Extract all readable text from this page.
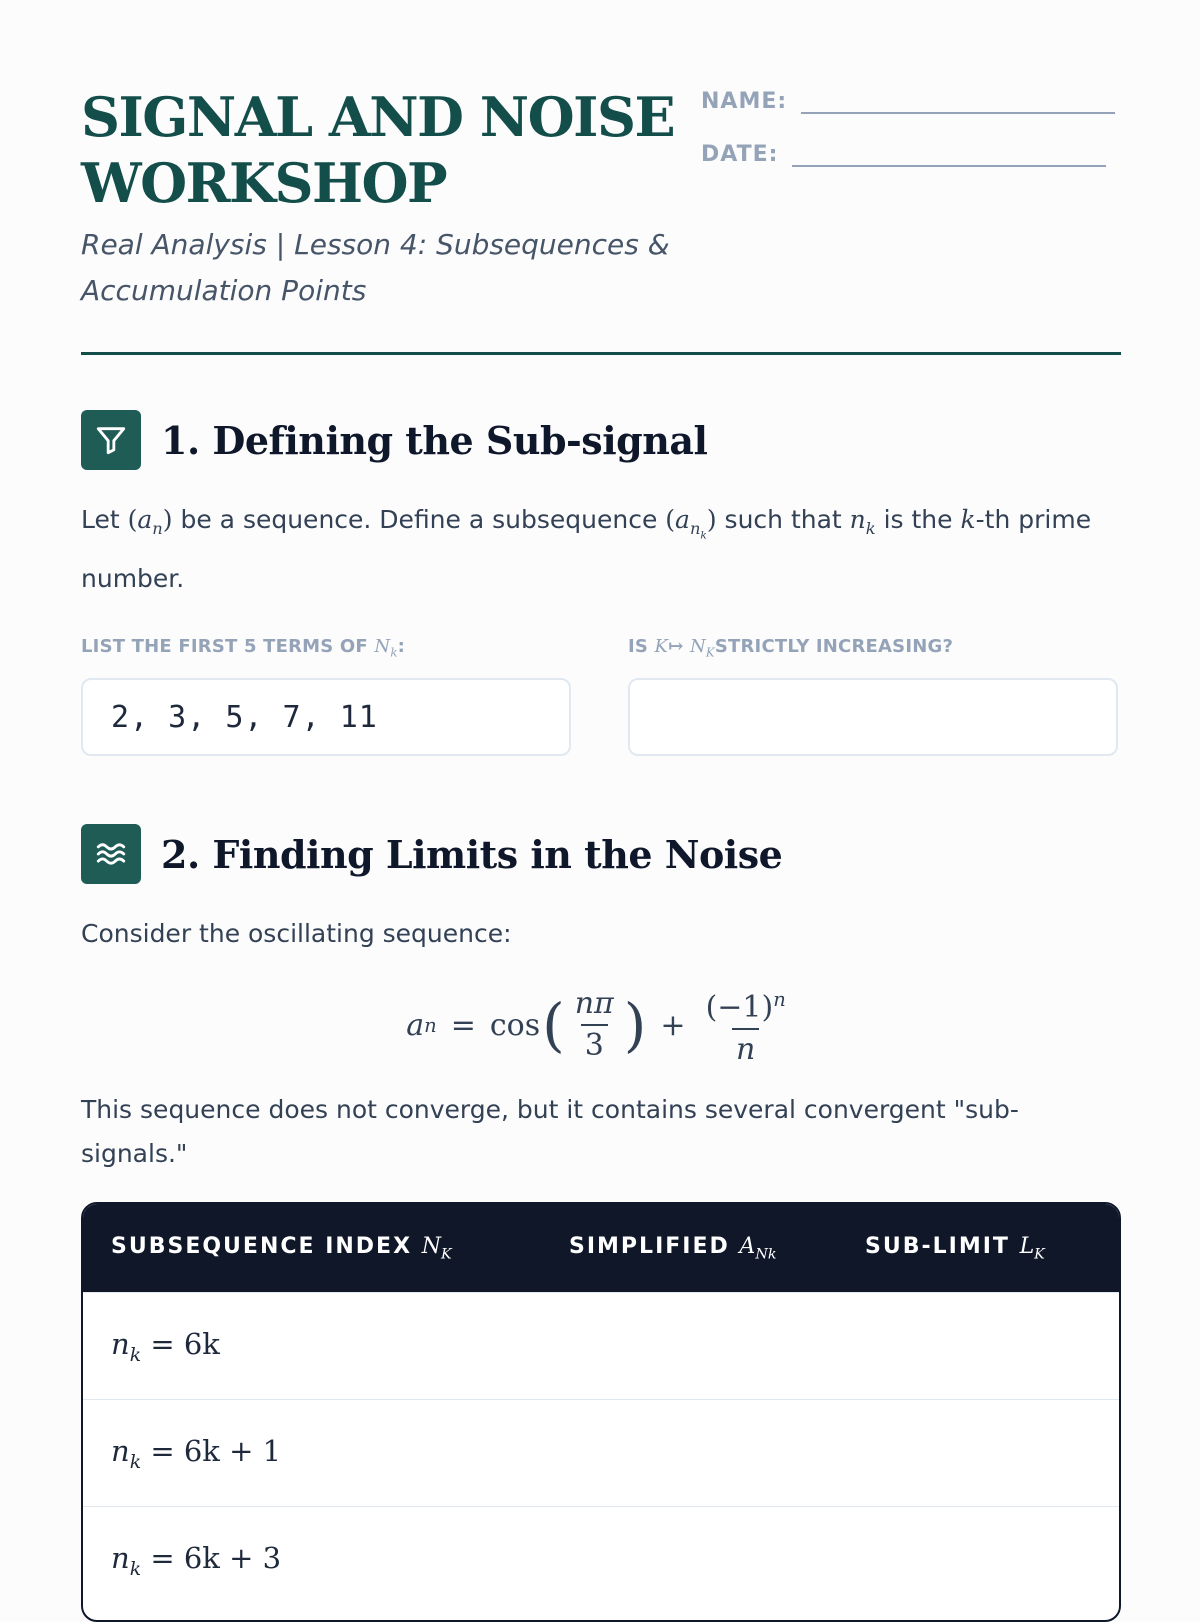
SIGNAL AND NOISE WORKSHOP

Real Analysis | Lesson 4: Subsequences & Accumulation Points

NAME:
DATE:
1. Defining the Sub-signal

Let $(a_n)$ be a sequence. Define a subsequence $(a_{n_k})$ such that $n_k$ is the k-th prime number.

LIST THE FIRST 5 TERMS OF $N_k$:
2, 3, 5, 7, 11
IS K↦ $N_KSTRICTLY$ INCREASING?
2. Finding Limits in the Noise

Consider the oscillating sequence:

a n = cos ( $\frac{n\pi}{3}$ ) + $\frac{(-1)^n}{n}$

This sequence does not converge, but it contains several convergent "sub-signals."

SUBSEQUENCE INDEX $N_K$	SIMPLIFIED $A_{Nk}$	SUB-LIMIT $L_K$
$n_k = 6k$
$n_k = 6k + 1$
$n_k = 6k + 3$
